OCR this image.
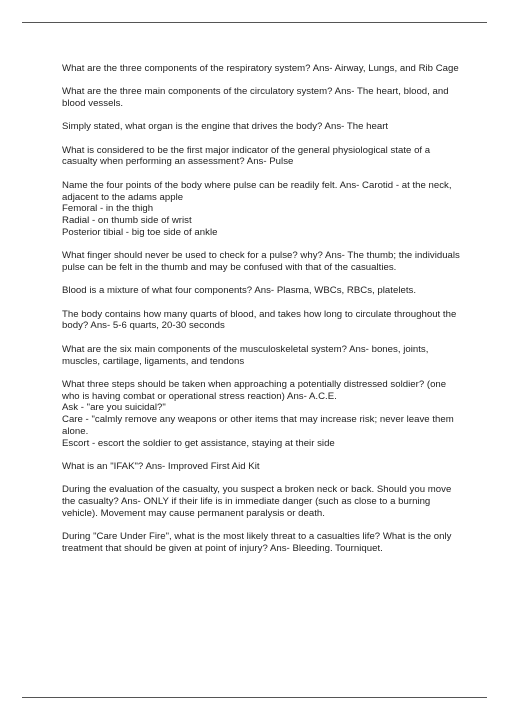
What are the three components of the respiratory system? Ans- Airway, Lungs, and Rib Cage

What are the three main components of the circulatory system? Ans- The heart, blood, and blood vessels.

Simply stated, what organ is the engine that drives the body? Ans- The heart

What is considered to be the first major indicator of the general physiological state of a casualty when performing an assessment? Ans- Pulse

Name the four points of the body where pulse can be readily felt. Ans- Carotid - at the neck, adjacent to the adams apple
Femoral - in the thigh
Radial - on thumb side of wrist
Posterior tibial - big toe side of ankle

What finger should never be used to check for a pulse? why? Ans- The thumb; the individuals pulse can be felt in the thumb and may be confused with that of the casualties.

Blood is a mixture of what four components? Ans- Plasma, WBCs, RBCs, platelets.

The body contains how many quarts of blood, and takes how long to circulate throughout the body? Ans- 5-6 quarts, 20-30 seconds

What are the six main components of the musculoskeletal system? Ans- bones, joints, muscles, cartilage, ligaments, and tendons

What three steps should be taken when approaching a potentially distressed soldier? (one who is having combat or operational stress reaction) Ans- A.C.E.
Ask - "are you suicidal?"
Care - "calmly remove any weapons or other items that may increase risk; never leave them alone.
Escort - escort the soldier to get assistance, staying at their side

What is an "IFAK"? Ans- Improved First Aid Kit

During the evaluation of the casualty, you suspect a broken neck or back. Should you move the casualty? Ans- ONLY if their life is in immediate danger (such as close to a burning vehicle). Movement may cause permanent paralysis or death.

During "Care Under Fire", what is the most likely threat to a casualties life? What is the only treatment that should be given at point of injury? Ans- Bleeding. Tourniquet.
